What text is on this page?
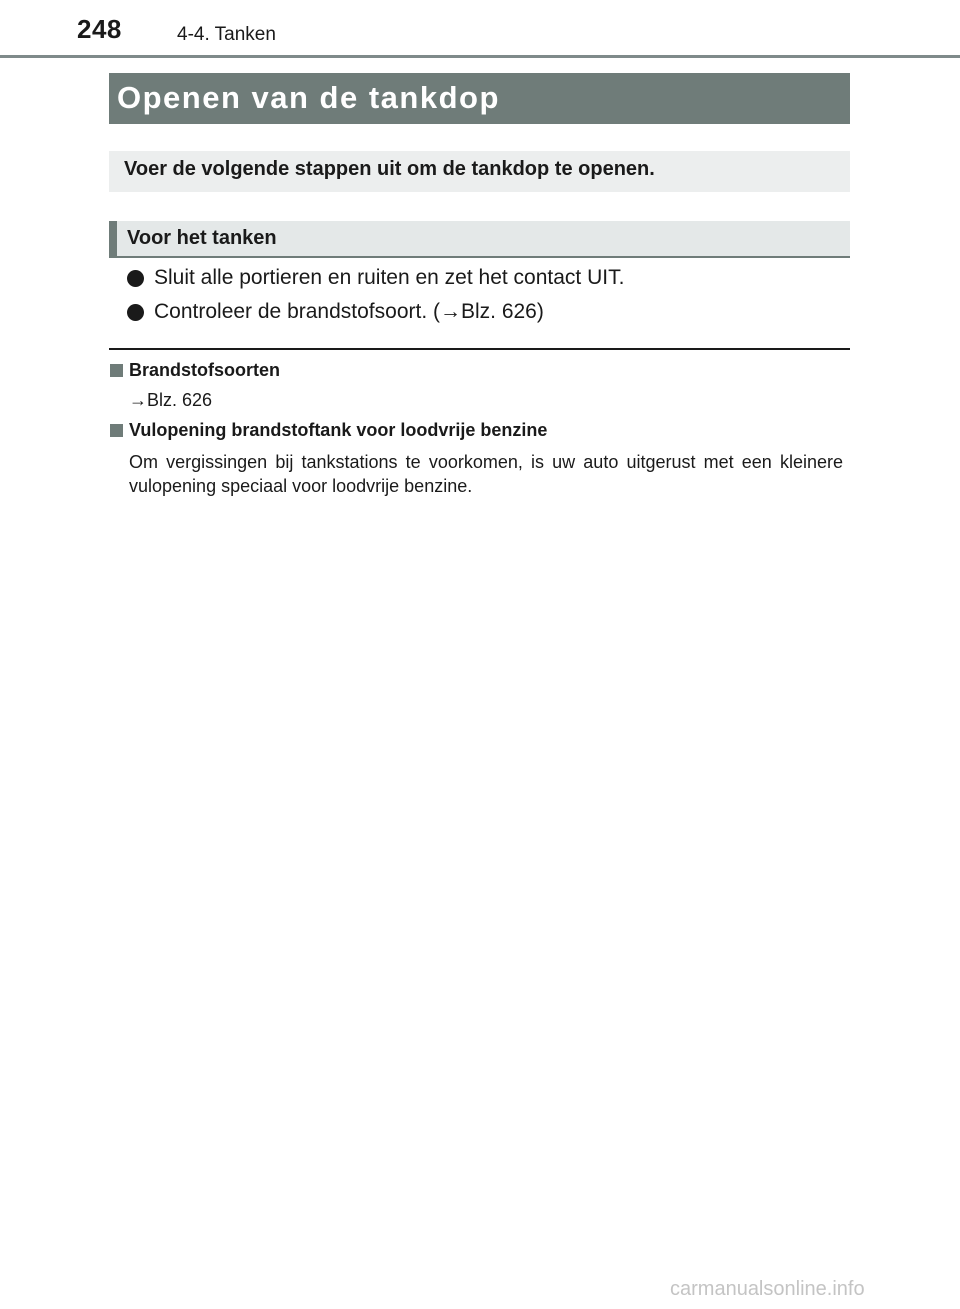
248	4-4. Tanken
Openen van de tankdop
Voer de volgende stappen uit om de tankdop te openen.
Voor het tanken
Sluit alle portieren en ruiten en zet het contact UIT.
Controleer de brandstofsoort. (→Blz. 626)
Brandstofsoorten
→Blz. 626
Vulopening brandstoftank voor loodvrije benzine
Om vergissingen bij tankstations te voorkomen, is uw auto uitgerust met een kleinere vulopening speciaal voor loodvrije benzine.
carmanualsonline.info
